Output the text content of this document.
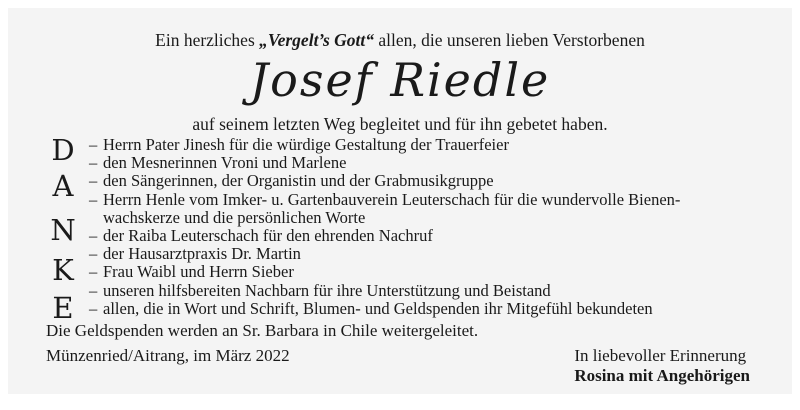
Ein herzliches „Vergelt’s Gott“ allen, die unseren lieben Verstorbenen
Josef Riedle
auf seinem letzten Weg begleitet und für ihn gebetet haben.
D
A
N
K
E
– Herrn Pater Jinesh für die würdige Gestaltung der Trauerfeier
– den Mesnerinnen Vroni und Marlene
– den Sängerinnen, der Organistin und der Grabmusikgruppe
– Herrn Henle vom Imker- u. Gartenbauverein Leuterschach für die wundervolle Bienen-wachskerze und die persönlichen Worte
– der Raiba Leuterschach für den ehrenden Nachruf
– der Hausarztpraxis Dr. Martin
– Frau Waibl und Herrn Sieber
– unseren hilfsbereiten Nachbarn für ihre Unterstützung und Beistand
– allen, die in Wort und Schrift, Blumen- und Geldspenden ihr Mitgefühl bekundeten
Die Geldspenden werden an Sr. Barbara in Chile weitergeleitet.
Münzenried/Aitrang, im März 2022	In liebevoller Erinnerung
Rosina mit Angehörigen
